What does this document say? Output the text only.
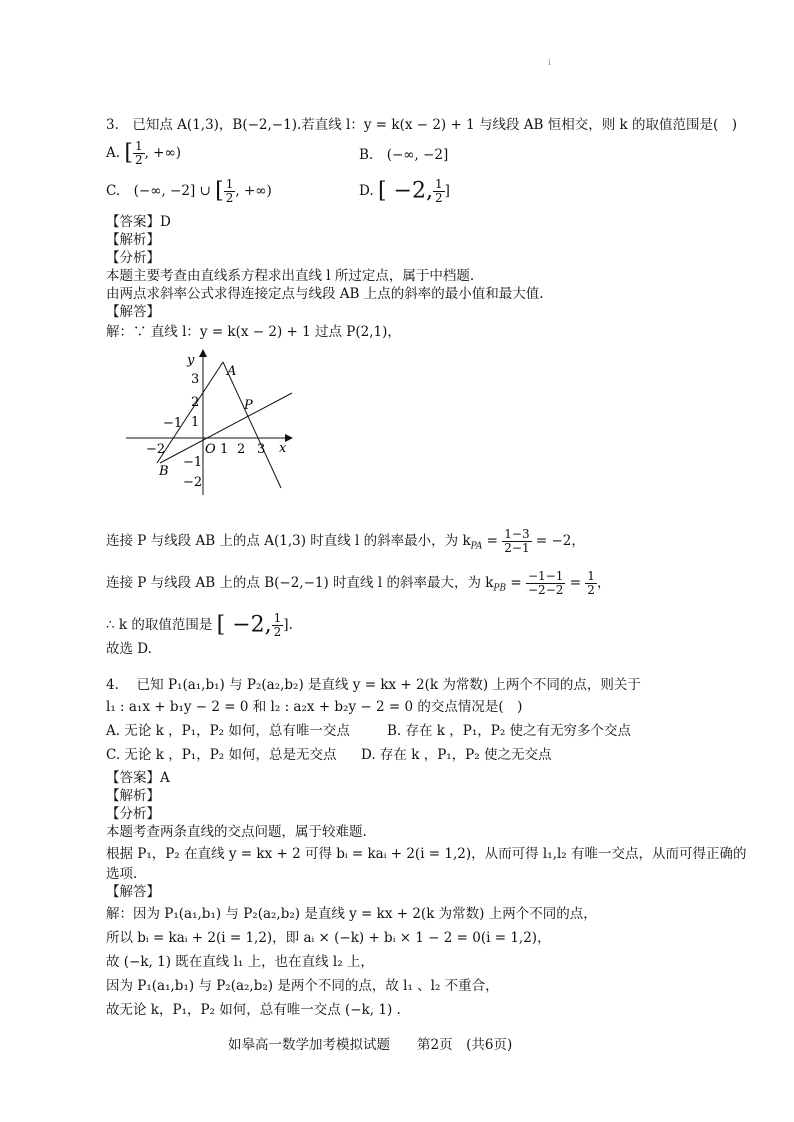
ⅰ
3.　已知点 A(1,3)，B(−2,−1).若直线 l：y = k(x − 2) + 1 与线段 AB 恒相交，则 k 的取值范围是(　)
A. [ $\frac{1}{2}$ , +∞)	B.　(−∞, −2]
C.　(−∞, −2] ∪ [ $\frac{1}{2}$ , +∞)	D. [ −2, $\frac{1}{2}$ ]
【答案】D
【解析】
【分析】
本题主要考查由直线系方程求出直线 l 所过定点，属于中档题.
由两点求斜率公式求得连接定点与线段 AB 上点的斜率的最小值和最大值.
【解答】
解：∵ 直线 l：y = k(x − 2) + 1 过点 P(2,1)，
−2
−1
1 2 3
3
2
1
−1
−2
O	x
y
A
B
P
连接 P 与线段 AB 上的点 A(1,3) 时直线 l 的斜率最小，为 $k_{PA} = \frac{1-3}{2-1} = -2$，
连接 P 与线段 AB 上的点 B(−2,−1) 时直线 l 的斜率最大，为 $k_{PB} = \frac{-1-1}{-2-2} = \frac{1}{2}$ ，
∴ k 的取值范围是 [ −2, $\frac{1}{2}$ ].
故选 D.
4.　 已知 P₁(a₁,b₁) 与 P₂(a₂,b₂) 是直线 y = kx + 2(k 为常数) 上两个不同的点，则关于
l₁ : a₁x + b₁y − 2 = 0 和 l₂ : a₂x + b₂y − 2 = 0 的交点情况是(　)
A. 无论 k ，P₁，P₂ 如何，总有唯一交点	B. 存在 k ，P₁，P₂ 使之有无穷多个交点
C. 无论 k ，P₁，P₂ 如何，总是无交点 D. 存在 k ，P₁，P₂ 使之无交点
【答案】A
【解析】
【分析】
本题考查两条直线的交点问题，属于较难题.
根据 P₁，P₂ 在直线 y = kx + 2 可得 bᵢ = kaᵢ + 2(i = 1,2)，从而可得 l₁,l₂ 有唯一交点，从而可得正确的
选项.
【解答】
解：因为 P₁(a₁,b₁) 与 P₂(a₂,b₂) 是直线 y = kx + 2(k 为常数) 上两个不同的点，
所以 bᵢ = kaᵢ + 2(i = 1,2)，即 aᵢ × (−k) + bᵢ × 1 − 2 = 0(i = 1,2)，
故 (−k, 1) 既在直线 l₁ 上，也在直线 l₂ 上，
因为 P₁(a₁,b₁) 与 P₂(a₂,b₂) 是两个不同的点，故 l₁ 、l₂ 不重合，
故无论 k，P₁，P₂ 如何，总有唯一交点 (−k, 1) .
如皋高一数学加考模拟试题　　第2页　(共6页)
